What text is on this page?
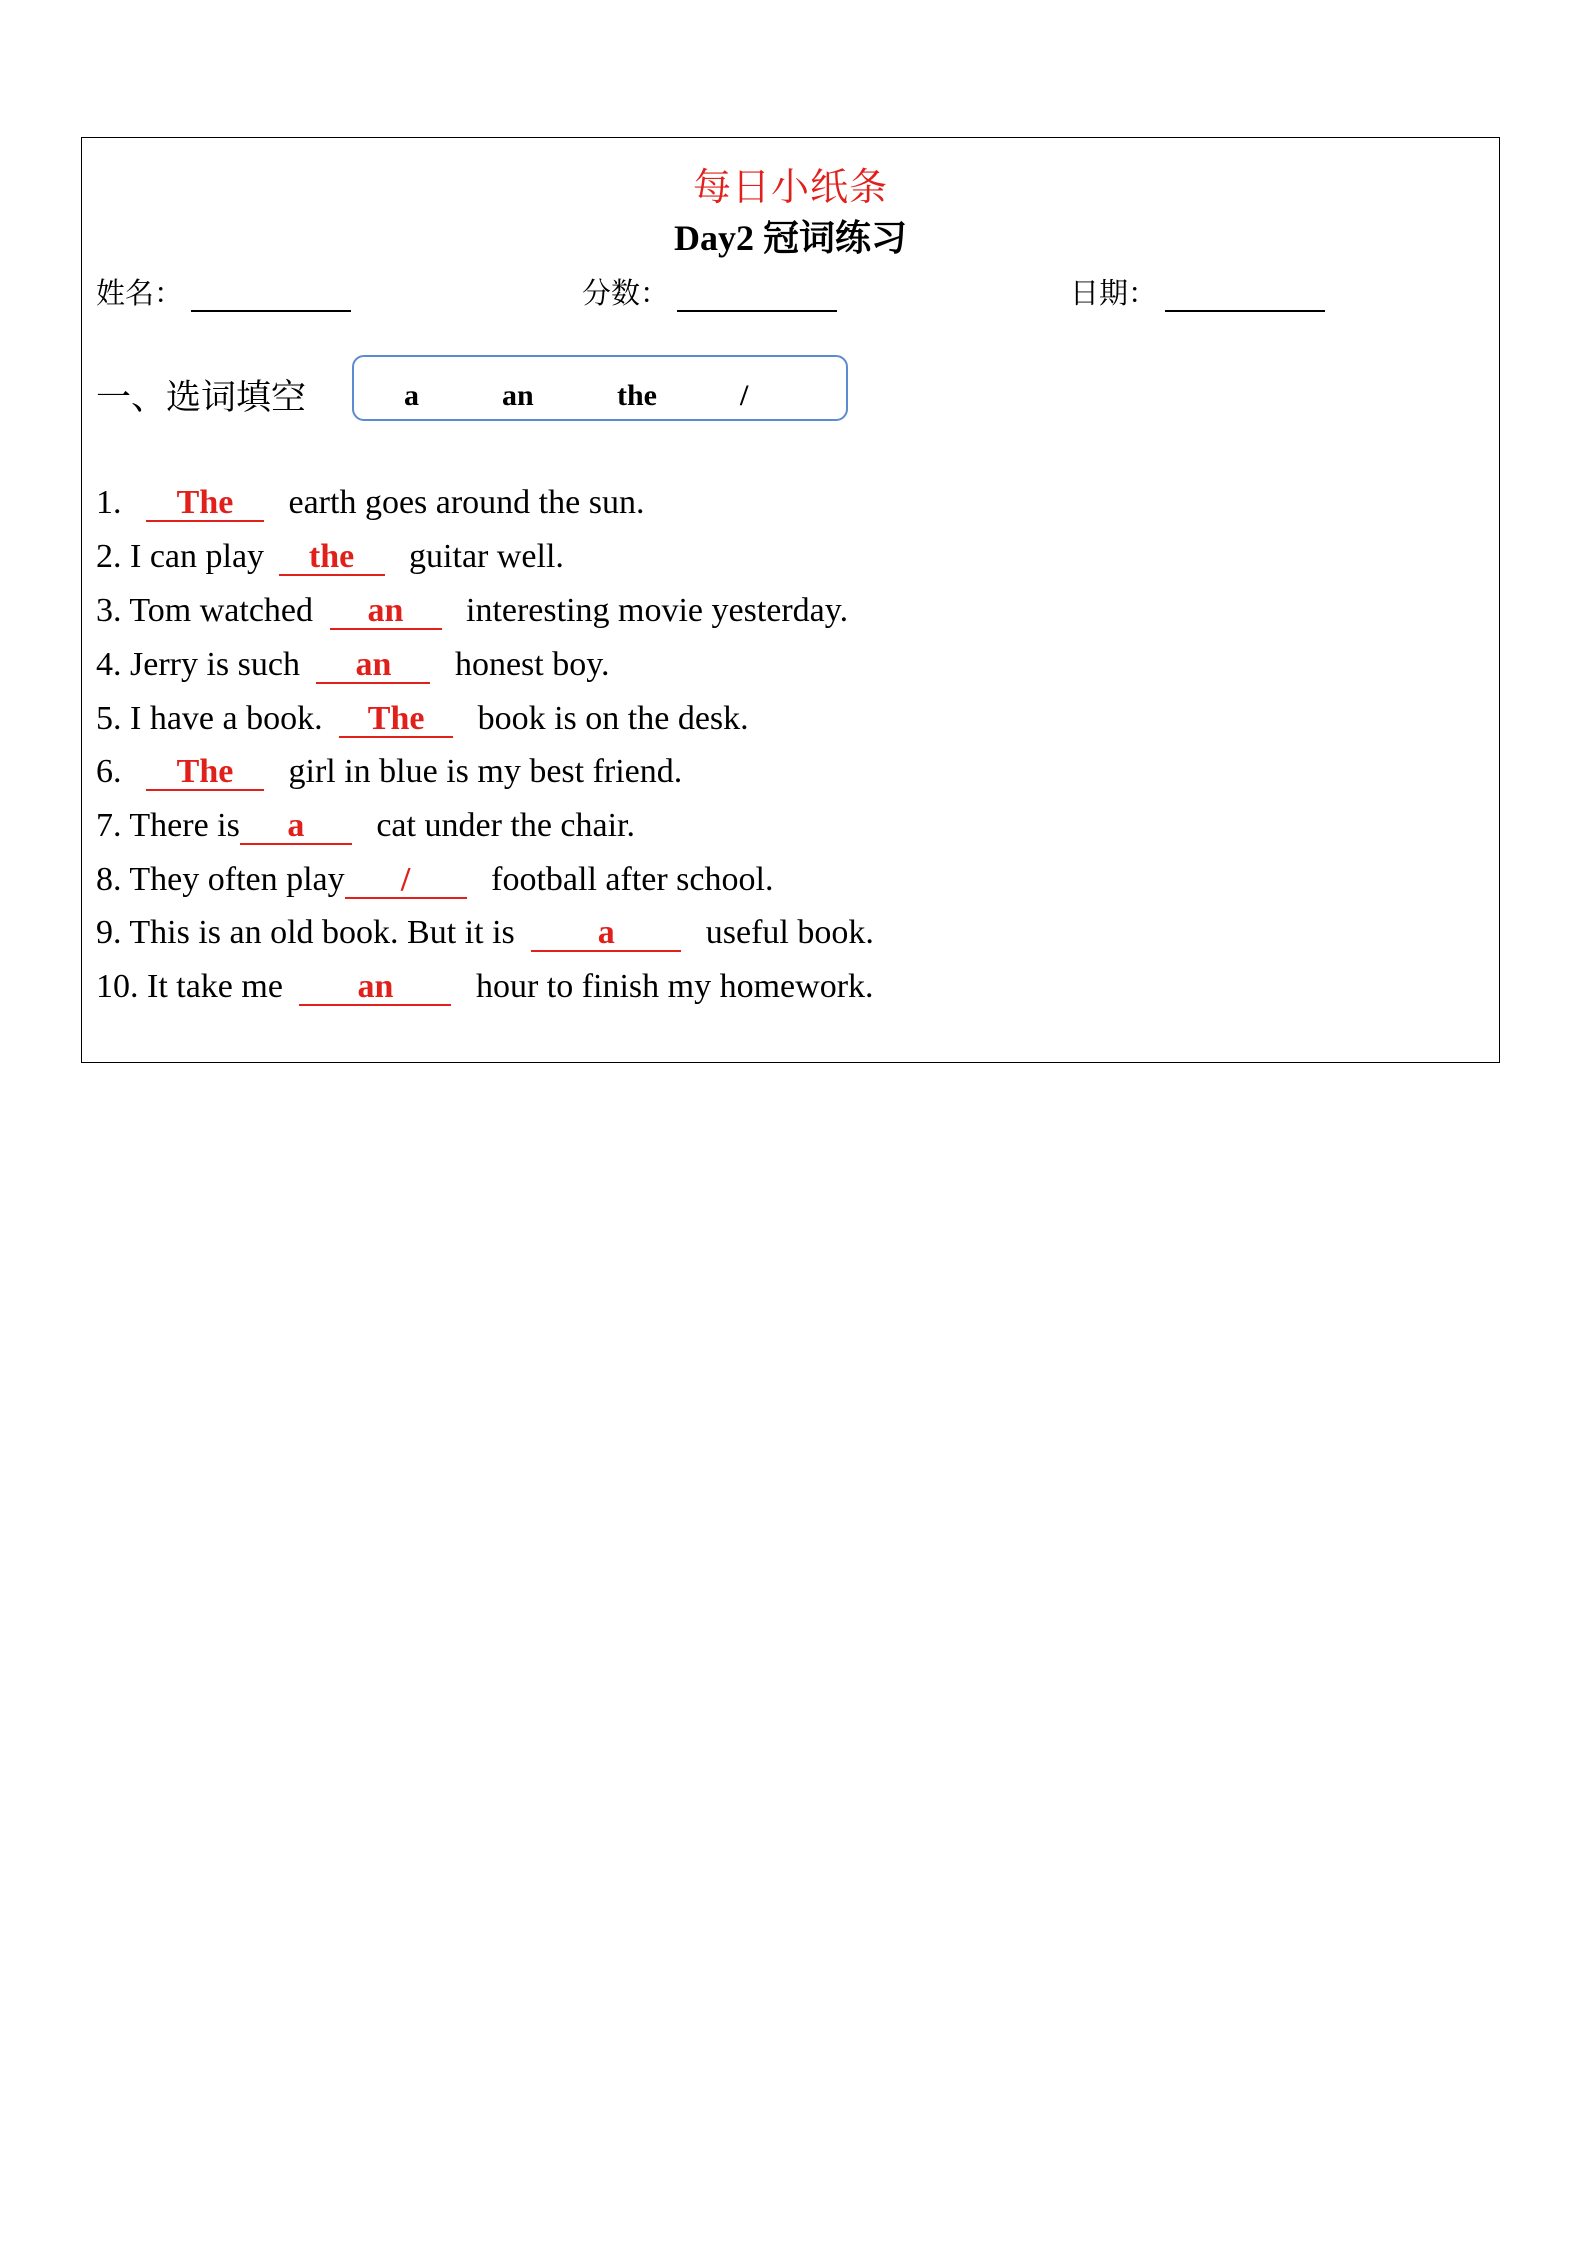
每日小纸条
Day2 冠词练习
姓名：	分数：	日期：
一、选词填空	a	an	the	/
1. The earth goes around the sun.
2. I can play the guitar well.
3. Tom watched an interesting movie yesterday.
4. Jerry is such an honest boy.
5. I have a book. The book is on the desk.
6. The girl in blue is my best friend.
7. There is a cat under the chair.
8. They often play / football after school.
9. This is an old book. But it is a useful book.
10. It take me an hour to finish my homework.
